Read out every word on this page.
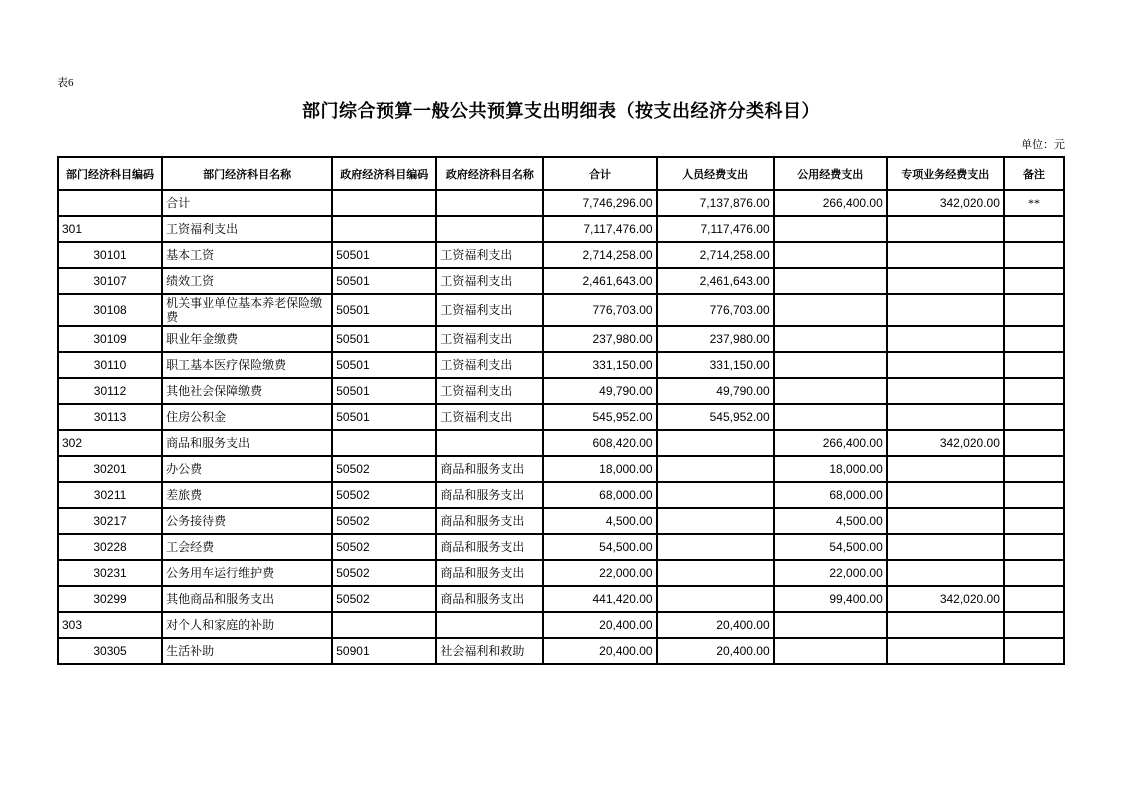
表6
部门综合预算一般公共预算支出明细表（按支出经济分类科目）
单位：元
部门经济科目编码	部门经济科目名称	政府经济科目编码	政府经济科目名称	合计	人员经费支出	公用经费支出	专项业务经费支出	备注
	合计			7,746,296.00	7,137,876.00	266,400.00	342,020.00	**
301	工资福利支出			7,117,476.00	7,117,476.00			
30101	基本工资	50501	工资福利支出	2,714,258.00	2,714,258.00			
30107	绩效工资	50501	工资福利支出	2,461,643.00	2,461,643.00			
30108	机关事业单位基本养老保险缴费	50501	工资福利支出	776,703.00	776,703.00			
30109	职业年金缴费	50501	工资福利支出	237,980.00	237,980.00			
30110	职工基本医疗保险缴费	50501	工资福利支出	331,150.00	331,150.00			
30112	其他社会保障缴费	50501	工资福利支出	49,790.00	49,790.00			
30113	住房公积金	50501	工资福利支出	545,952.00	545,952.00			
302	商品和服务支出			608,420.00		266,400.00	342,020.00	
30201	办公费	50502	商品和服务支出	18,000.00		18,000.00		
30211	差旅费	50502	商品和服务支出	68,000.00		68,000.00		
30217	公务接待费	50502	商品和服务支出	4,500.00		4,500.00		
30228	工会经费	50502	商品和服务支出	54,500.00		54,500.00		
30231	公务用车运行维护费	50502	商品和服务支出	22,000.00		22,000.00		
30299	其他商品和服务支出	50502	商品和服务支出	441,420.00		99,400.00	342,020.00	
303	对个人和家庭的补助			20,400.00	20,400.00			
30305	生活补助	50901	社会福利和救助	20,400.00	20,400.00			
